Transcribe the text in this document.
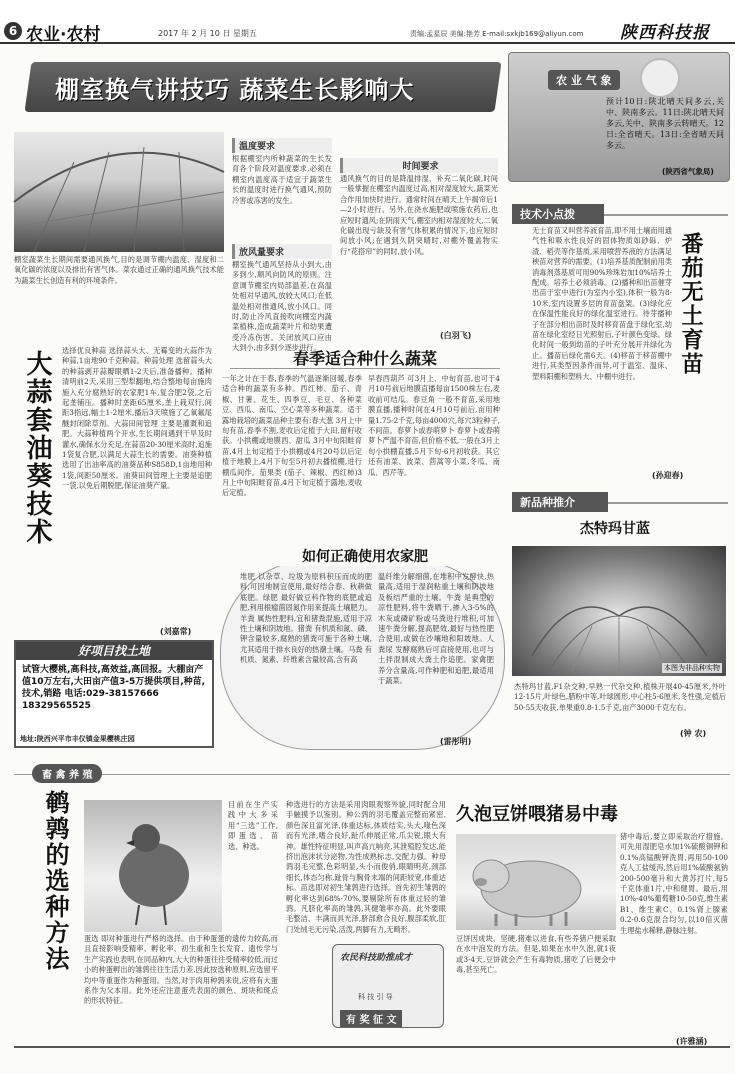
6 农业·农村	2017 年 2 月 10 日 星期五	责编:孟星辰 美编:艳芳 E-mail:sxkjb169@aliyun.com 陕西科技报
棚室换气讲技巧 蔬菜生长影响大
棚室蔬菜生长期间需要通风换气,目的是调节棚内温度、湿度和二氧化碳的浓度以及排出有害气体。菜农通过正确的通风换气技术能为蔬菜生长创造有利的环境条件。
温度要求
根据棚室内所种蔬菜的生长发育各个阶段对温度要求,必须在棚室内温度高于适宜于蔬菜生长的温度时进行换气通风,预防冷害或冻害的发生。
放风量要求
棚室换气通风坚持从小到大,由多到少,顺风向防风的原则。注意调节棚室内局部温差,在高温处相对早通风,放较大风口;在低温处相对推通风,放小风口。同时,防止冷风直接吹向棚室内蔬菜植株,造成蔬菜叶片和幼果遭受冷冻伤害。关闭放风口应由大到小,由多到少逐步进行。
时间要求
通风换气的目的是降温排湿、补充二氧化碳,时间一般掌握在棚室内温度过高,相对湿度较大,蔬菜光合作用加快时进行。通常时间在晴天上午揭帘后1—2小时进行。另外,在浇水施肥或喷施农药后,也应短时通风;在阴雨天气,棚室内相对湿度较大,二氧化碳出现亏缺及有害气体积累的情况下,也应短时间放小风;在遇到久阴突晴时,对棚外覆盖物实行“花搭帘”的同时,放小风。
(白羽飞)
农 业 气 象
预计10日:陕北晴天间多云,关中、陕南多云。11日:陕北晴天间多云,关中、陕南多云转晴天。12日:全省晴天。13日:全省晴天间多云。
(陕西省气象局)
技术小点拨
番茄无土育苗
无土育苗又叫营养液育苗,即不用土壤而用通气性和吸水性良好的固体物质如砂砾、炉渣、稻壳等作基质,采用喷营养液的方法满足秧苗对营养的需要。(1)培养基质配制前用类消毒剂蒸基质可用90%珍珠岩加10%培养土配成。培养土必须消毒。(2)播种和出苗催芽出苗于室中进行(为室内小室),体积一般为8-10米,室内设置多层的育苗盘架。(3)绿化应在保温性能良好的绿化温室进行。待芽播种子在部分相出苗时及时移育苗盘于绿化室,幼苗在绿化室经日光照射后,子叶颜色变绿。绿化时间一般到幼苗的子叶充分展开并绿化为止。播苗后绿化需6天。(4)移苗于移苗棚中进行,其类型因条件而异,可于温室、温床、塑料阳棚和塑料大、中棚中进行。
(孙迎春)
大蒜套油葵技术 选择优良种蒜 选择蒜头大、无霉变的大蒜作为种蒜,1亩地90千克种蒜。种蒜处理 选留蒜头大的种蒜剥开蒜瓣眼晒1-2天后,准备播种。播种 清明前2天,采用三型犁翻地,结合整地每亩施肉施入充分腐熟好的农家肥1车,复合肥2袋,之后起垄铺压。播种时垄距65厘米,垄上栽双行,间距3指远,幅土1-2厘米,播后3天喷施了乙氧氟尾醚封闭除草剂。大蒜田间管理 主要是灌溉和追肥。大蒜种植两个开水,生长期间遇到干旱及时灌水,确保水分充足,在蒜苗20-30厘米高时,追施1袋复合肥,以满足大蒜生长的需要。油葵种植 选用了出油率高的油葵品种S858D,1亩地用种1袋,间距50厘米。油葵田间管理上主要是追肥一袋,以免后期脱肥,保证油葵产量。
(刘嘉常)
好项目找土地
试管大樱桃,高科技,高效益,高回报。大棚亩产值10万左右,大田亩产值3-5万提供项目,种苗,技术,销路 电话:029-38157666 18329565525
地址:陕西兴平市丰仪镇金果樱桃庄园
春季适合种什么蔬菜
一年之计在于春,春季的气温逐渐回暖,春季适合种的蔬菜有多种。西红柿、茄子、青椒、甘薯、花生、四季豆、毛豆、各种菜豆、西瓜、南瓜、空心菜等多种蔬菜。适于露地栽培的蔬菜品种主要有:春大葱 3月上中旬有苗,春季不割,麦收后定植于大田,留籽收获。小拱棚或地膜西、甜瓜 3月中旬阳畦育苗,4月上旬定植于小拱棚或4月20号以后定植于地膜上,4月下旬至5月初去播植棚,进行棚瓜间作。茄果类 (茄子、辣椒、西红柿)3月上中旬阳畦育苗,4月下旬定植于露地,麦收后定植。
早春西葫芦 可3月上、中旬育苗,也可于4月10号前后地膜直播每亩1500株左右,麦收前可结瓜。春豆角 一般不育苗,采用地膜直播,播种时间在4月10号前后,亩用种量1.75-2千克,每亩4000穴,每穴3粒种子,不间苗。春萝卜或春萌萝卜 春萝卜或春萌萝卜严温不育苗,但价格不低,一般在3月上旬小拱棚直播,5月下旬-6月初收获。其它还有油菜、波菜、茴蒿等小菜,冬瓜、南瓜、西芹等。
如何正确使用农家肥
堆肥 以杂草、垃圾为原料积压而成的肥料,可因地制宜使用,最好结合春、秋耕做底肥。绿肥 最好做豆科作物的底肥或追肥,利用根瘤菌固氮作用来提高土壤肥力。羊粪 属热性肥料,宜和猪粪混施,适用于凉性土壤和阴坡地。猪粪 有机质和氮、磷、钾含量较多,腐熟的猪粪可施于各种土壤,尤其适用于排水良好的热潮土壤。马粪 有机质、氮素、纤维素含量较高,含有高
温纤维分解细菌,在堆积中发酵快,热量高,适用于湿润粘重土壤和阴坡地及板结严重的土壤。牛粪 是典型的凉性肥料,将牛粪晒干,掺入3-5%的木灰或磷矿粉或马粪进行堆积,可加速牛粪分解,提高肥效,最好与热性肥合使用,或做在沙壤地和阳坡地。人粪尿 发酵腐熟后可直接使用,也可与土拌混制成大粪土作追肥。家禽肥 养分含量高,可作种肥和追肥,最适用于蔬菜。
(雷彤明)
新品种推介
杰特玛甘蓝
本图为非品种实物
杰特玛甘蓝,F1杂交种,早熟一代杂交种,植株开展40-45厘米,外叶12-15片,叶绿色,腊粉中等,叶球圆形,中心柱5-6厘米,冬性强,定植后50-55天收获,单果重0.8-1.5千克,亩产3000千克左右。
(钟 农)
畜 禽 养 殖
鹌鹑的选种方法	目前在生产实践中大多采用“三选”工作,即蛋选、苗选、种选。
蛋选 即对种蛋进行严格的选择。由于种蛋蛋的遗传力较高,而且直接影响受精率、孵化率、初生重和生长发育、遗传学与生产实践也表明,在同品种内,大大的种蛋往往受精率较低,而过小的种蛋孵出的雏鹑往往生活力差,因此按选种原则,应选留平均中等重蛋作为种蛋用。当然,对于肉用种鹑来说,应将有大蛋系作为父本用。此外还应注意蛋壳表面的颜色、斑块和斑点的形状特征。
种选进行的方法是采用肉眼观察外貌,同时配合用手触摸予以鉴别。种公鹑的羽毛覆盖完整而紧密,颜色深且富光泽,体重达标,体质结实,头大,喙色深而有光泽,嗜合良好,趾爪伸展正常,爪尖锐,眼大有神。雄性特征明显,叫声高亢响亮,其泄殖腔发达,能挤出泡沫状分泌物,为性成熟标志,交配力强。种母鹑羽毛完整,色彩明显,头小而俊俏,眼睛明亮,颈部细长,体态匀称,趾骨与胸骨末端的间距较宽,体重达标。苗选即对初生雏鹑进行选择。首先初生雏鹑的孵化率达到68%-70%,要剔除所有体重过轻的雏鹑。凡脐化率高的雏鹑,其健雏率亦高。此外要眼毛整洁、丰满而具光泽,脐部愈合良好,腹部柔软,肛门处绒毛无污染,活泼,两脚有力,无畸形。
农民科技助推成才
科 技 引 导
有 奖 征 文
久泡豆饼喂猪易中毒
猪中毒后,要立即采取治疗措施。可先用湿肥皂水加1%硫酸铜钾和0.1%高锰酸钾洗胃,再用50-100克人工盐缓泻,然后用1%硫酸氨钠200-500毫升和大黄苏打片,每5千克体重1片,中和健胃。最后,用10%-40%葡萄糖10-50克,维生素B1、维生素C、0.1%肾上腺素0.2-0.6克混合均匀,以10倍灭菌生理盐水稀释,静脉注射。
豆饼因成块、坚硬,猪难以进食,有些养猪户便采取在水中泡发的方法。但是,如果在水中久泡,就1夜或3-4天,豆饼就会产生有毒物质,猪吃了后便会中毒,甚至死亡。
(许雅涵)
